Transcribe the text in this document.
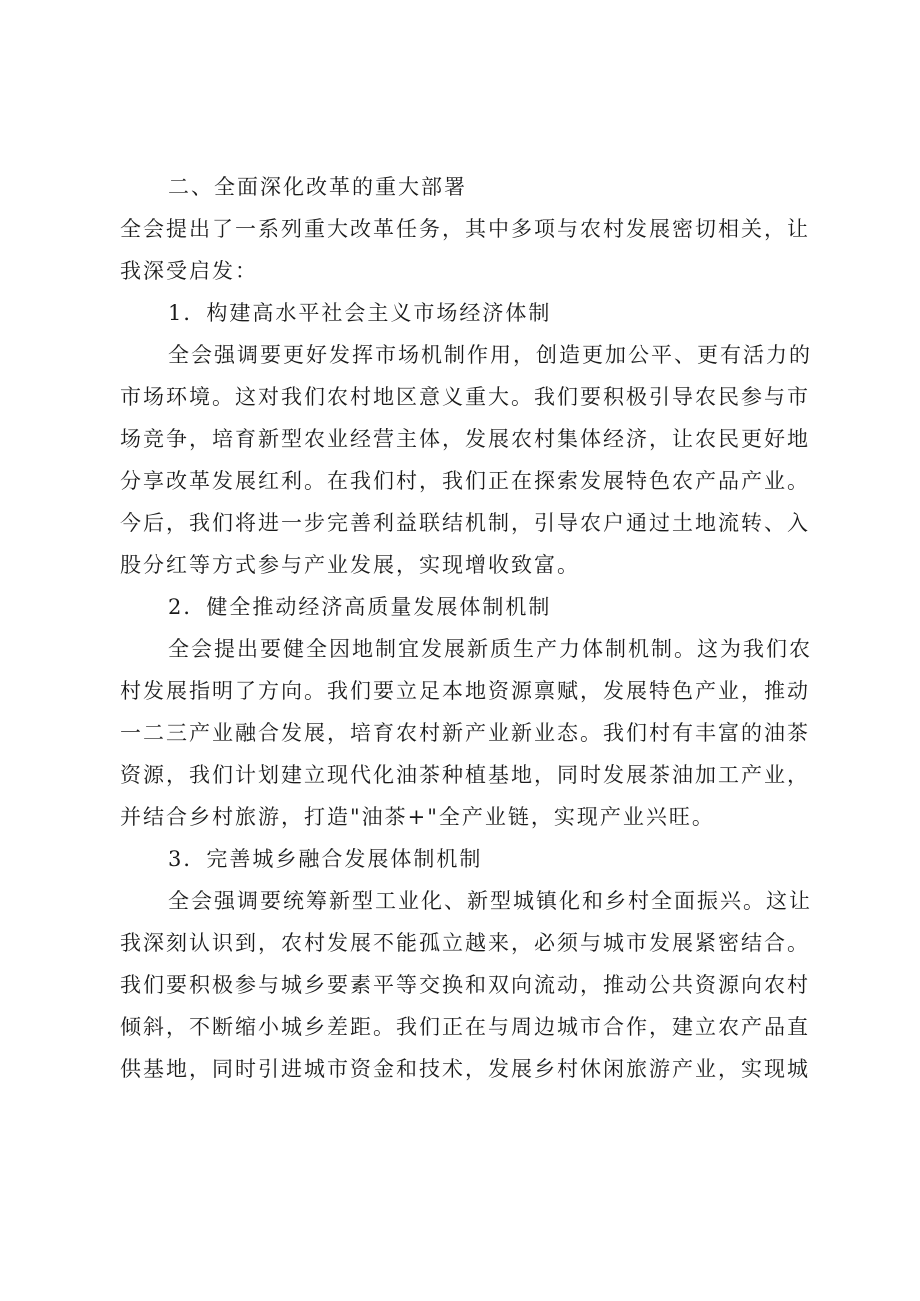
二、全面深化改革的重大部署
全会提出了一系列重大改革任务，其中多项与农村发展密切相关，让
我深受启发：
1．构建高水平社会主义市场经济体制
全会强调要更好发挥市场机制作用，创造更加公平、更有活力的
市场环境。这对我们农村地区意义重大。我们要积极引导农民参与市
场竞争，培育新型农业经营主体，发展农村集体经济，让农民更好地
分享改革发展红利。在我们村，我们正在探索发展特色农产品产业。
今后，我们将进一步完善利益联结机制，引导农户通过土地流转、入
股分红等方式参与产业发展，实现增收致富。
2．健全推动经济高质量发展体制机制
全会提出要健全因地制宜发展新质生产力体制机制。这为我们农
村发展指明了方向。我们要立足本地资源禀赋，发展特色产业，推动
一二三产业融合发展，培育农村新产业新业态。我们村有丰富的油茶
资源，我们计划建立现代化油茶种植基地，同时发展茶油加工产业，
并结合乡村旅游，打造"油茶+"全产业链，实现产业兴旺。
3．完善城乡融合发展体制机制
全会强调要统筹新型工业化、新型城镇化和乡村全面振兴。这让
我深刻认识到，农村发展不能孤立越来，必须与城市发展紧密结合。
我们要积极参与城乡要素平等交换和双向流动，推动公共资源向农村
倾斜，不断缩小城乡差距。我们正在与周边城市合作，建立农产品直
供基地，同时引进城市资金和技术，发展乡村休闲旅游产业，实现城
